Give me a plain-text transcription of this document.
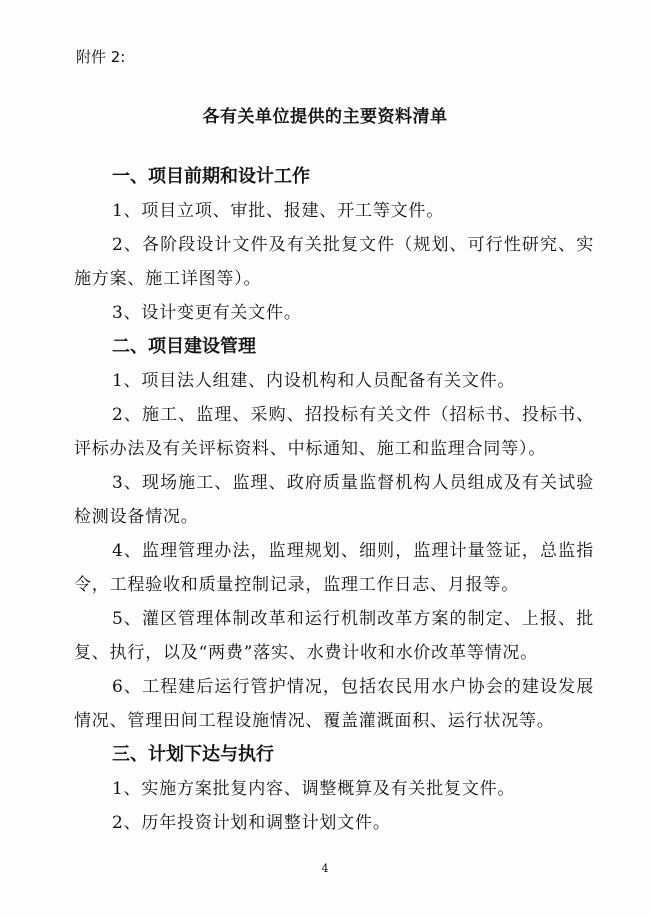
附件 2:
各有关单位提供的主要资料清单

一、项目前期和设计工作

1、项目立项、审批、报建、开工等文件。

2、各阶段设计文件及有关批复文件（规划、可行性研究、实施方案、施工详图等）。

3、设计变更有关文件。

二、项目建设管理

1、项目法人组建、内设机构和人员配备有关文件。

2、施工、监理、采购、招投标有关文件（招标书、投标书、评标办法及有关评标资料、中标通知、施工和监理合同等）。

3、现场施工、监理、政府质量监督机构人员组成及有关试验检测设备情况。

4、监理管理办法，监理规划、细则，监理计量签证，总监指令，工程验收和质量控制记录，监理工作日志、月报等。

5、灌区管理体制改革和运行机制改革方案的制定、上报、批复、执行，以及“两费”落实、水费计收和水价改革等情况。

6、工程建后运行管护情况，包括农民用水户协会的建设发展情况、管理田间工程设施情况、覆盖灌溉面积、运行状况等。

三、计划下达与执行

1、实施方案批复内容、调整概算及有关批复文件。

2、历年投资计划和调整计划文件。

4
